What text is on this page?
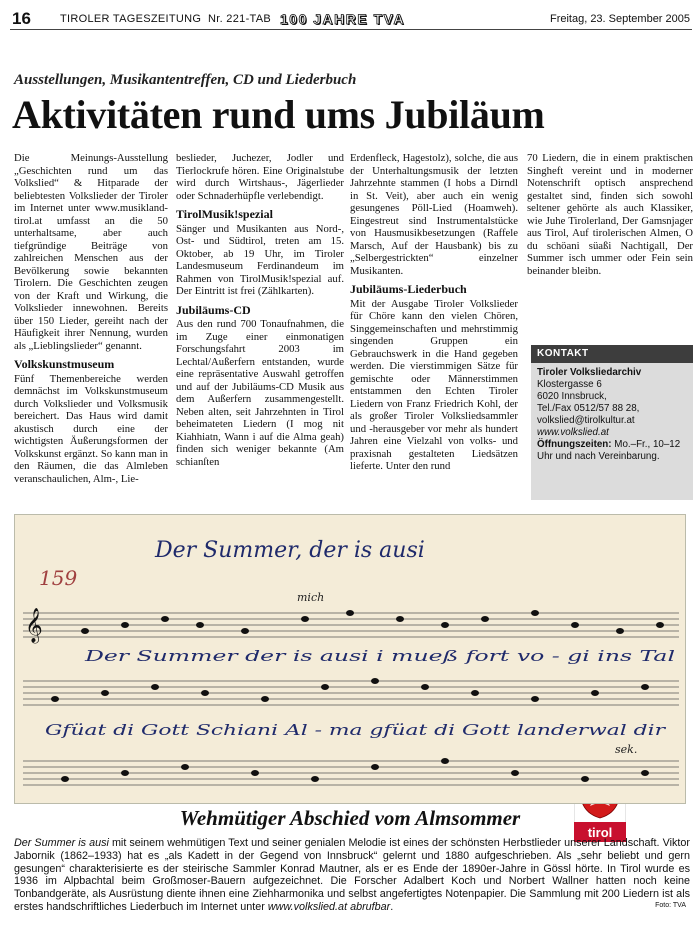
16	TIROLER TAGESZEITUNG Nr. 221-TAB 100 JAHRE TVA	Freitag, 23. September 2005
Ausstellungen, Musikantentreffen, CD und Liederbuch
Aktivitäten rund ums Jubiläum

Die Meinungs-Ausstellung „Geschichten rund um das Volkslied“ & Hitparade der beliebtesten Volkslieder der Tiroler im Internet unter www.musikland-tirol.at umfasst an die 50 unterhaltsame, aber auch tiefgründige Beiträge von zahlreichen Menschen aus der Bevölkerung sowie bekannten Tirolern. Die Geschichten zeugen von der Kraft und Wirkung, die Volkslieder innewohnen. Bereits über 150 Lieder, gereiht nach der Häufigkeit ihrer Nennung, wurden als „Lieblingslieder“ genannt.

Volkskunstmuseum

Fünf Themenbereiche werden demnächst im Volkskunstmuseum durch Volkslieder und Volksmusik bereichert. Das Haus wird damit akustisch durch eine der wichtigsten Äußerungsformen der Volkskunst ergänzt. So kann man in den Räumen, die das Almleben veranschaulichen, Alm-, Lie-

beslieder, Juchezer, Jodler und Tierlockrufe hören. Eine Originalstube wird durch Wirtshaus-, Jägerlieder oder Schnaderhüpfle verlebendigt.

TirolMusik!spezial

Sänger und Musikanten aus Nord-, Ost- und Südtirol, treten am 15. Oktober, ab 19 Uhr, im Tiroler Landesmuseum Ferdinandeum im Rahmen von TirolMusik!spezial auf. Der Eintritt ist frei (Zählkarten).

Jubiläums-CD

Aus den rund 700 Tonaufnahmen, die im Zuge einer einmonatigen Forschungsfahrt 2003 im Lechtal/Außerfern entstanden, wurde eine repräsentative Auswahl getroffen und auf der Jubiläums-CD Musik aus dem Außerfern zusammengestellt. Neben alten, seit Jahrzehnten in Tirol beheimateten Liedern (I mog nit Kiahhiatn, Wann i auf die Alma geah) finden sich weniger bekannte (Am schianſten

Erdenfleck, Hagestolz), solche, die aus der Unterhaltungsmusik der letzten Jahrzehnte stammen (I hobs a Dirndl in St. Veit), aber auch ein wenig gesungenes Pöll-Lied (Hoamweh). Eingestreut sind Instrumentalstücke von Hausmusikbesetzungen (Raffele Marsch, Auf der Hausbank) bis zu „Selbergestrickten“ einzelner Musikanten.

Jubiläums-Liederbuch

Mit der Ausgabe Tiroler Volkslieder für Chöre kann den vielen Chören, Singgemeinschaften und mehrstimmig singenden Gruppen ein Gebrauchswerk in die Hand gegeben werden. Die vierstimmigen Sätze für gemischte oder Männerstimmen entstammen den Echten Tiroler Liedern von Franz Friedrich Kohl, der als großer Tiroler Volksliedsammler und -herausgeber vor mehr als hundert Jahren eine Vielzahl von volks- und praxisnah gestalteten Liedsätzen lieferte. Unter den rund

70 Liedern, die in einem praktischen Singheft vereint und in moderner Notenschrift optisch ansprechend gestaltet sind, finden sich sowohl seltener gehörte als auch Klassiker, wie Juhe Tirolerland, Der Gamsnjager aus Tirol, Auf tirolerischen Almen, O du schöani süaßi Nachtigall, Der Summer isch ummer oder Fein sein beinander bleibn.

KONTAKT
Tiroler Volksliedarchiv
Klostergasse 6
6020 Innsbruck,
Tel./Fax 0512/57 88 28,
volkslied@tirolkultur.at
www.volkslied.at
Öffnungszeiten: Mo.–Fr., 10–12 Uhr und nach Vereinbarung.
tirol
Der Summer, der is ausi
159
𝄞
mich
Der Summer der is ausi i mueß fort vo - gi ins Tal
Gfüat di Gott Schiani Al - ma gfüat di Gott landerwal dir
sek.
Wehmütiger Abschied vom Almsommer
Der Summer is ausi mit seinem wehmütigen Text und seiner genialen Melodie ist eines der schönsten Herbstlieder unserer Landschaft. Viktor Jabornik (1862–1933) hat es „als Kadett in der Gegend von Innsbruck“ gelernt und 1880 aufgeschrieben. Als „sehr beliebt und gern gesungen“ charakterisierte es der steirische Sammler Konrad Mautner, als er es Ende der 1890er-Jahre in Gössl hörte. In Tirol wurde es 1936 im Alpbachtal beim Großmoser-Bauern aufgezeichnet. Die Forscher Adalbert Koch und Norbert Wallner hatten noch keine Tonbandgeräte, als Ausrüstung diente ihnen eine Ziehharmonika und selbst angefertigtes Notenpapier. Die Sammlung mit 200 Liedern ist als erstes handschriftliches Liederbuch im Internet unter www.volkslied.at abrufbar.	Foto: TVA
